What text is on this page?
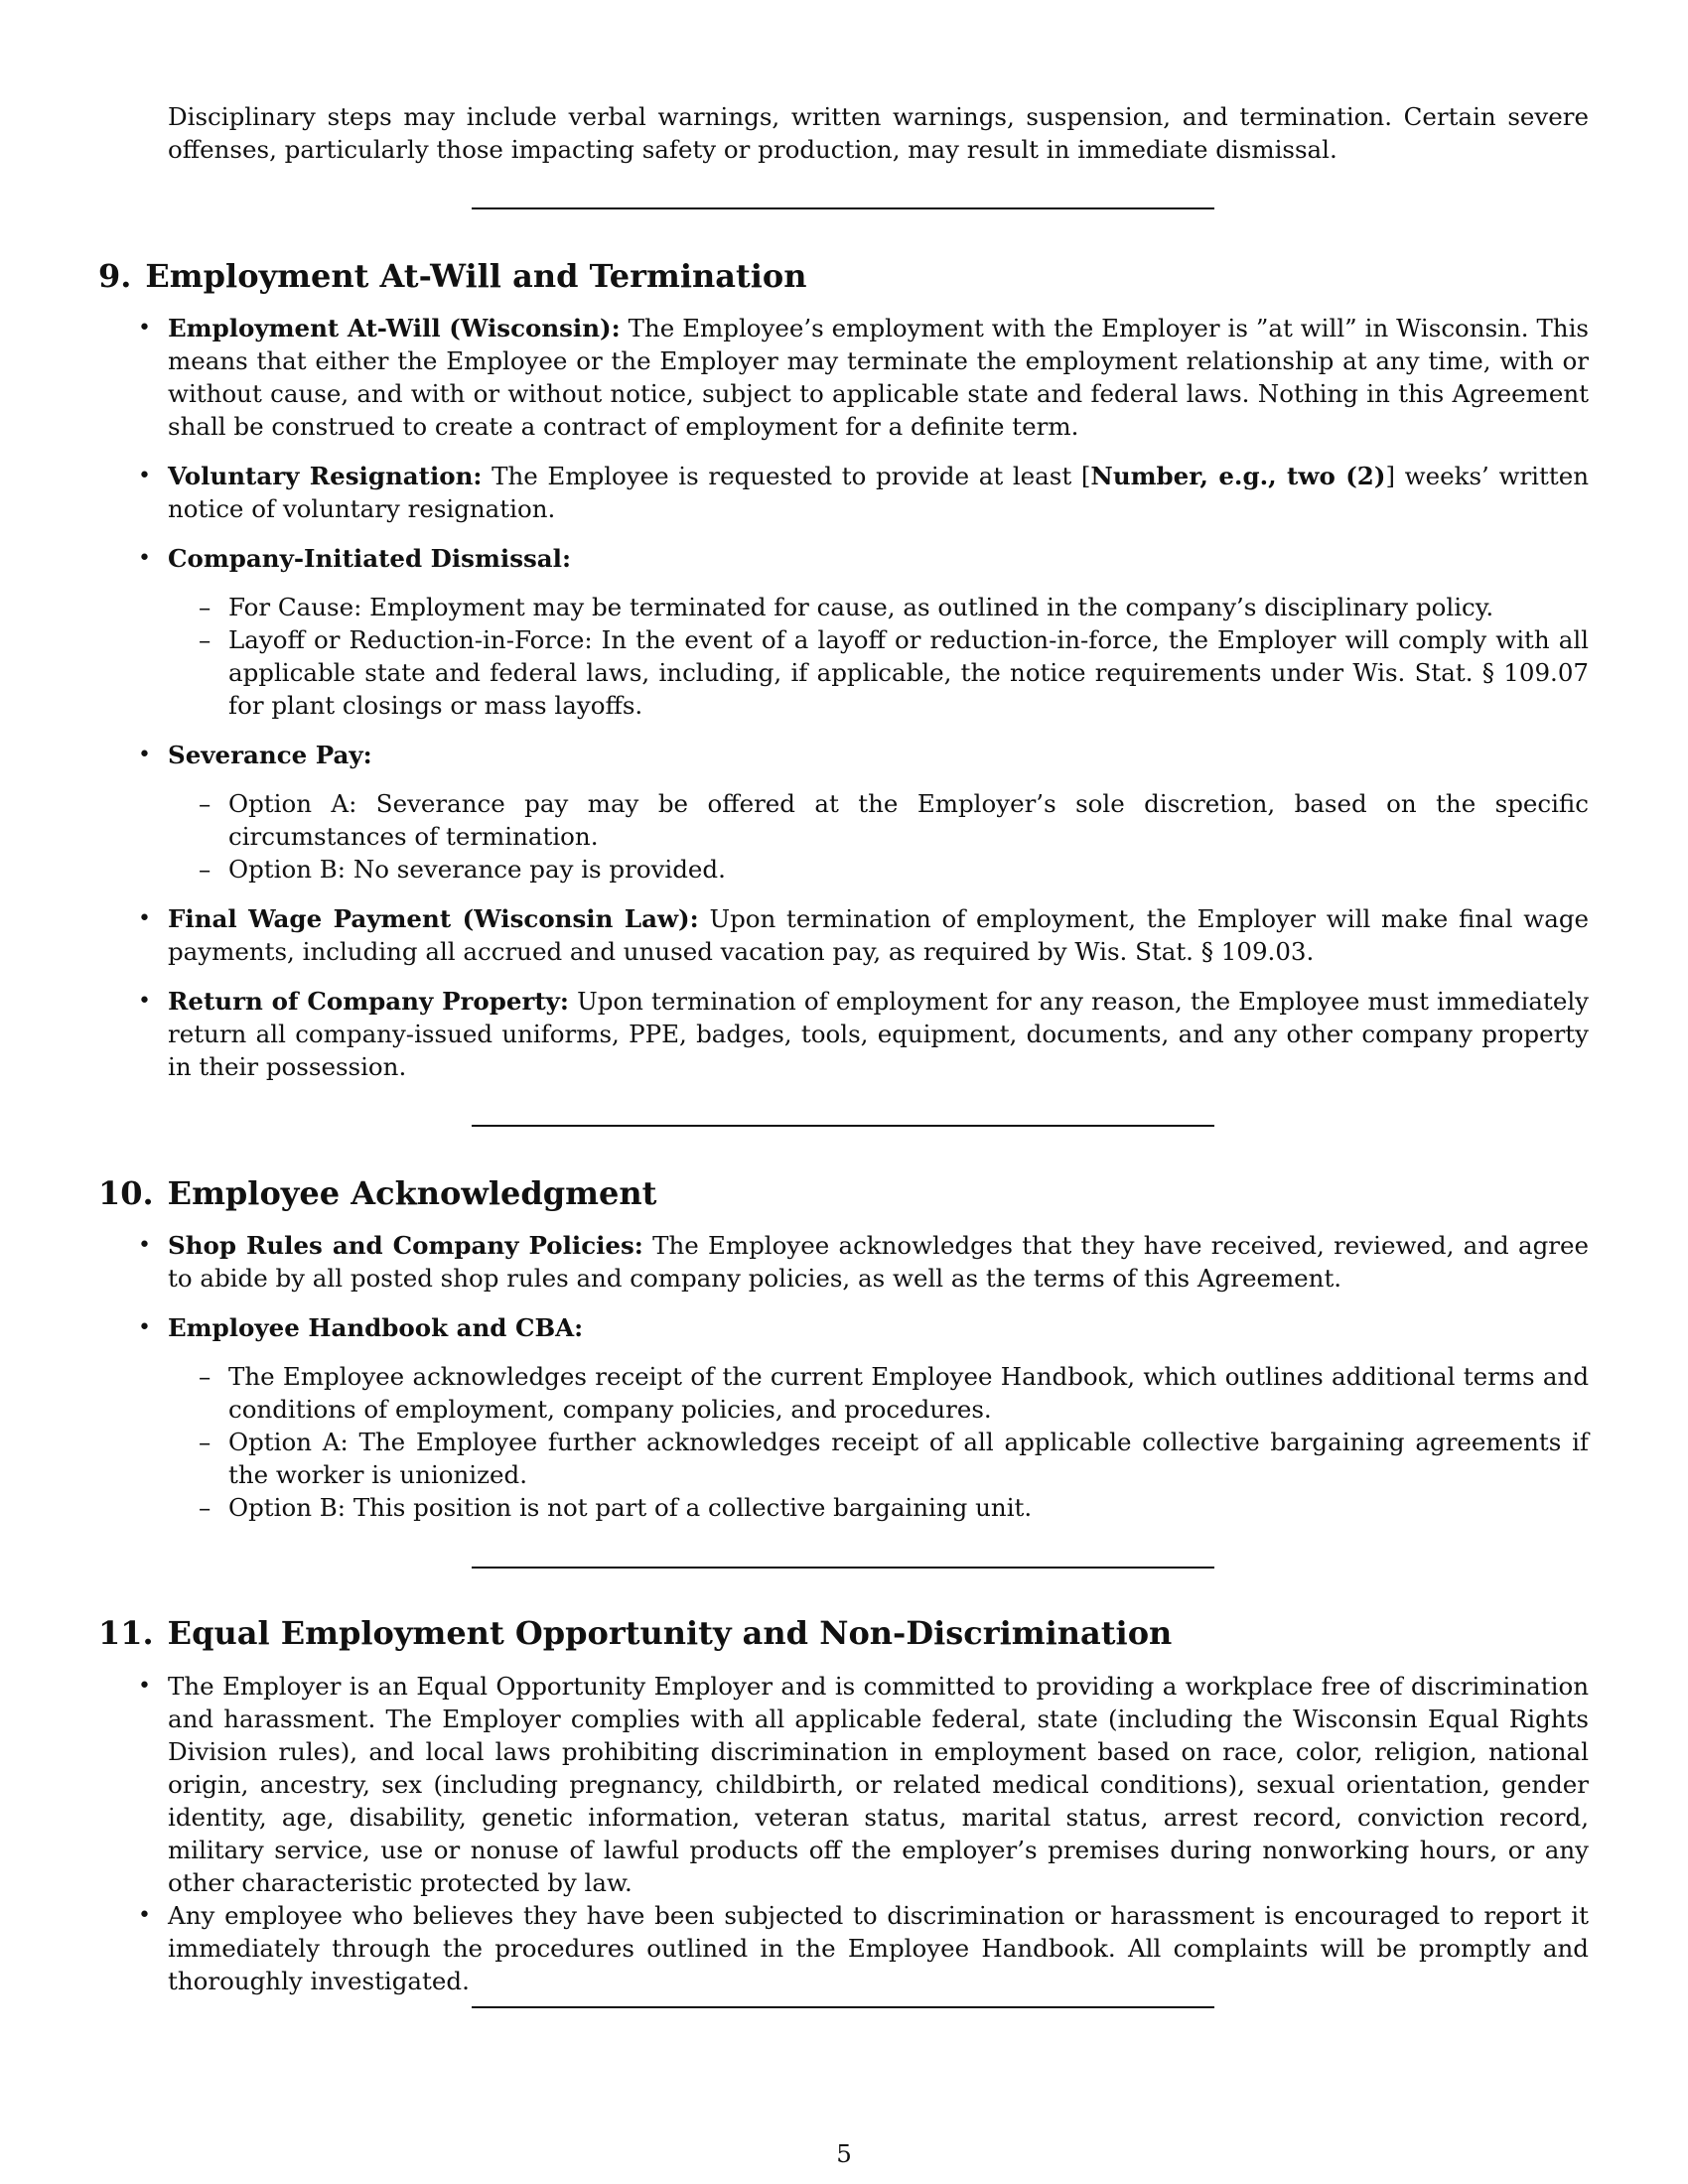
Disciplinary steps may include verbal warnings, written warnings, suspension, and termination. Certain severe offenses, particularly those impacting safety or production, may result in immediate dismissal.

9. Employment At-Will and Termination
• Employment At-Will (Wisconsin): The Employee’s employment with the Employer is ”at will” in Wisconsin. This means that either the Employee or the Employer may terminate the employment relationship at any time, with or without cause, and with or without notice, subject to applicable state and federal laws. Nothing in this Agreement shall be construed to create a contract of employment for a definite term.
• Voluntary Resignation: The Employee is requested to provide at least [Number, e.g., two (2)] weeks’ written notice of voluntary resignation.
• Company-Initiated Dismissal:
– For Cause: Employment may be terminated for cause, as outlined in the company’s disciplinary policy.
– Layoff or Reduction-in-Force: In the event of a layoff or reduction-in-force, the Employer will comply with all applicable state and federal laws, including, if applicable, the notice requirements under Wis. Stat. § 109.07 for plant closings or mass layoffs.
• Severance Pay:
– Option A: Severance pay may be offered at the Employer’s sole discretion, based on the specific circumstances of termination.
– Option B: No severance pay is provided.
• Final Wage Payment (Wisconsin Law): Upon termination of employment, the Employer will make final wage payments, including all accrued and unused vacation pay, as required by Wis. Stat. § 109.03.
• Return of Company Property: Upon termination of employment for any reason, the Employee must immediately return all company-issued uniforms, PPE, badges, tools, equipment, documents, and any other company property in their possession.
10. Employee Acknowledgment
• Shop Rules and Company Policies: The Employee acknowledges that they have received, reviewed, and agree to abide by all posted shop rules and company policies, as well as the terms of this Agreement.
• Employee Handbook and CBA:
– The Employee acknowledges receipt of the current Employee Handbook, which outlines additional terms and conditions of employment, company policies, and procedures.
– Option A: The Employee further acknowledges receipt of all applicable collective bargaining agreements if the worker is unionized.
– Option B: This position is not part of a collective bargaining unit.
11. Equal Employment Opportunity and Non-Discrimination
• The Employer is an Equal Opportunity Employer and is committed to providing a workplace free of discrimination and harassment. The Employer complies with all applicable federal, state (including the Wisconsin Equal Rights Division rules), and local laws prohibiting discrimination in employment based on race, color, religion, national origin, ancestry, sex (including pregnancy, childbirth, or related medical conditions), sexual orientation, gender identity, age, disability, genetic information, veteran status, marital status, arrest record, conviction record, military service, use or nonuse of lawful products off the employer’s premises during nonworking hours, or any other characteristic protected by law.
• Any employee who believes they have been subjected to discrimination or harassment is encouraged to report it immediately through the procedures outlined in the Employee Handbook. All complaints will be promptly and thoroughly investigated.
5
